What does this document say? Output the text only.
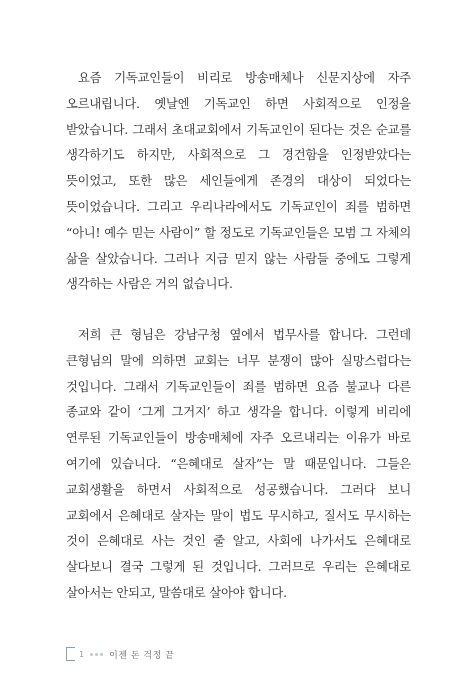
요즘 기독교인들이 비리로 방송매체나 신문지상에 자주 오르내립니다. 옛날엔 기독교인 하면 사회적으로 인정을 받았습니다. 그래서 초대교회에서 기독교인이 된다는 것은 순교를 생각하기도 하지만, 사회적으로 그 경건함을 인정받았다는 뜻이었고, 또한 많은 세인들에게 존경의 대상이 되었다는 뜻이었습니다. 그리고 우리나라에서도 기독교인이 죄를 범하면 “아니! 예수 믿는 사람이” 할 정도로 기독교인들은 모범 그 자체의 삶을 살았습니다. 그러나 지금 믿지 않는 사람들 중에도 그렇게 생각하는 사람은 거의 없습니다.

저희 큰 형님은 강남구청 옆에서 법무사를 합니다. 그런데 큰형님의 말에 의하면 교회는 너무 분쟁이 많아 실망스럽다는 것입니다. 그래서 기독교인들이 죄를 범하면 요즘 불교나 다른 종교와 같이 ‘그게 그거지’ 하고 생각을 합니다. 이렇게 비리에 연루된 기독교인들이 방송매체에 자주 오르내리는 이유가 바로 여기에 있습니다. “은혜대로 살자”는 말 때문입니다. 그들은 교회생활을 하면서 사회적으로 성공했습니다. 그러다 보니 교회에서 은혜대로 살자는 말이 법도 무시하고, 질서도 무시하는 것이 은혜대로 사는 것인 줄 알고, 사회에 나가서도 은혜대로 살다보니 결국 그렇게 된 것입니다. 그러므로 우리는 은혜대로 살아서는 안되고, 말씀대로 살아야 합니다.

1	이젠 돈 걱정 끝
